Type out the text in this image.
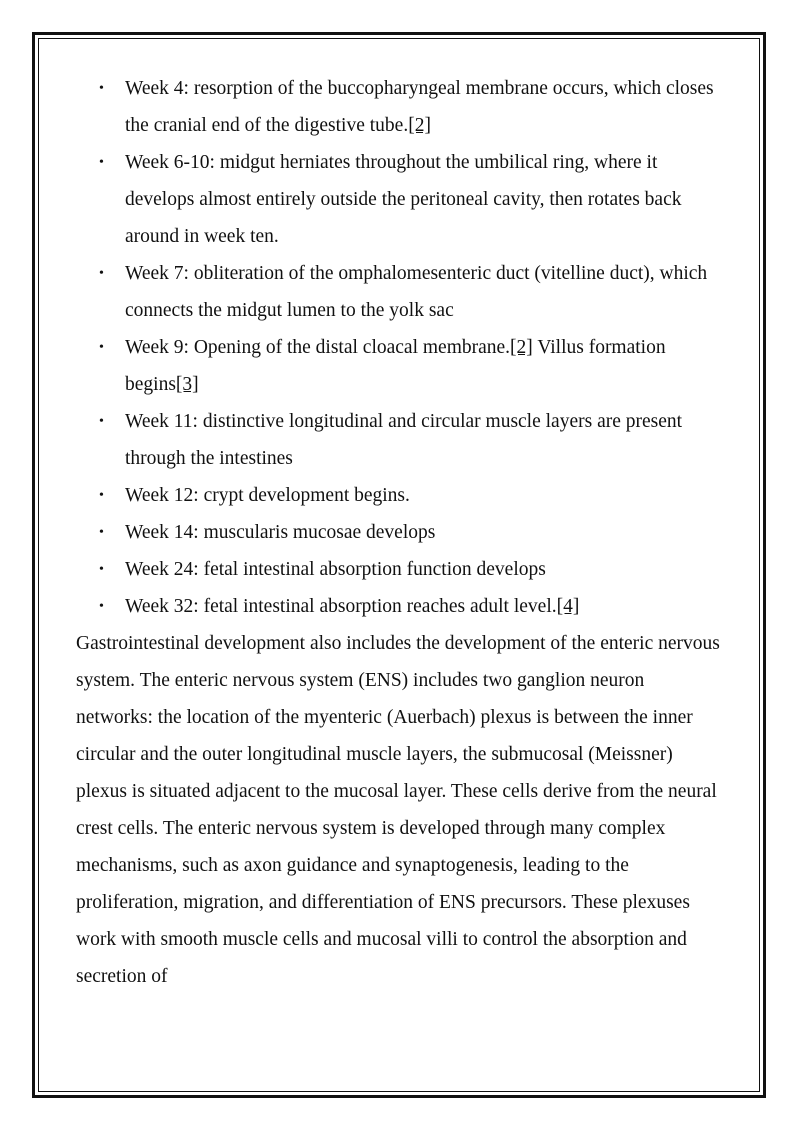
• Week 4: resorption of the buccopharyngeal membrane occurs, which closes the cranial end of the digestive tube.[2]
• Week 6-10: midgut herniates throughout the umbilical ring, where it develops almost entirely outside the peritoneal cavity, then rotates back around in week ten.
• Week 7: obliteration of the omphalomesenteric duct (vitelline duct), which connects the midgut lumen to the yolk sac
• Week 9: Opening of the distal cloacal membrane.[2] Villus formation begins[3]
• Week 11: distinctive longitudinal and circular muscle layers are present through the intestines
• Week 12: crypt development begins.
• Week 14: muscularis mucosae develops
• Week 24: fetal intestinal absorption function develops
• Week 32: fetal intestinal absorption reaches adult level.[4]

Gastrointestinal development also includes the development of the enteric nervous system. The enteric nervous system (ENS) includes two ganglion neuron networks: the location of the myenteric (Auerbach) plexus is between the inner circular and the outer longitudinal muscle layers, the submucosal (Meissner) plexus is situated adjacent to the mucosal layer. These cells derive from the neural crest cells. The enteric nervous system is developed through many complex mechanisms, such as axon guidance and synaptogenesis, leading to the proliferation, migration, and differentiation of ENS precursors. These plexuses work with smooth muscle cells and mucosal villi to control the absorption and secretion of
